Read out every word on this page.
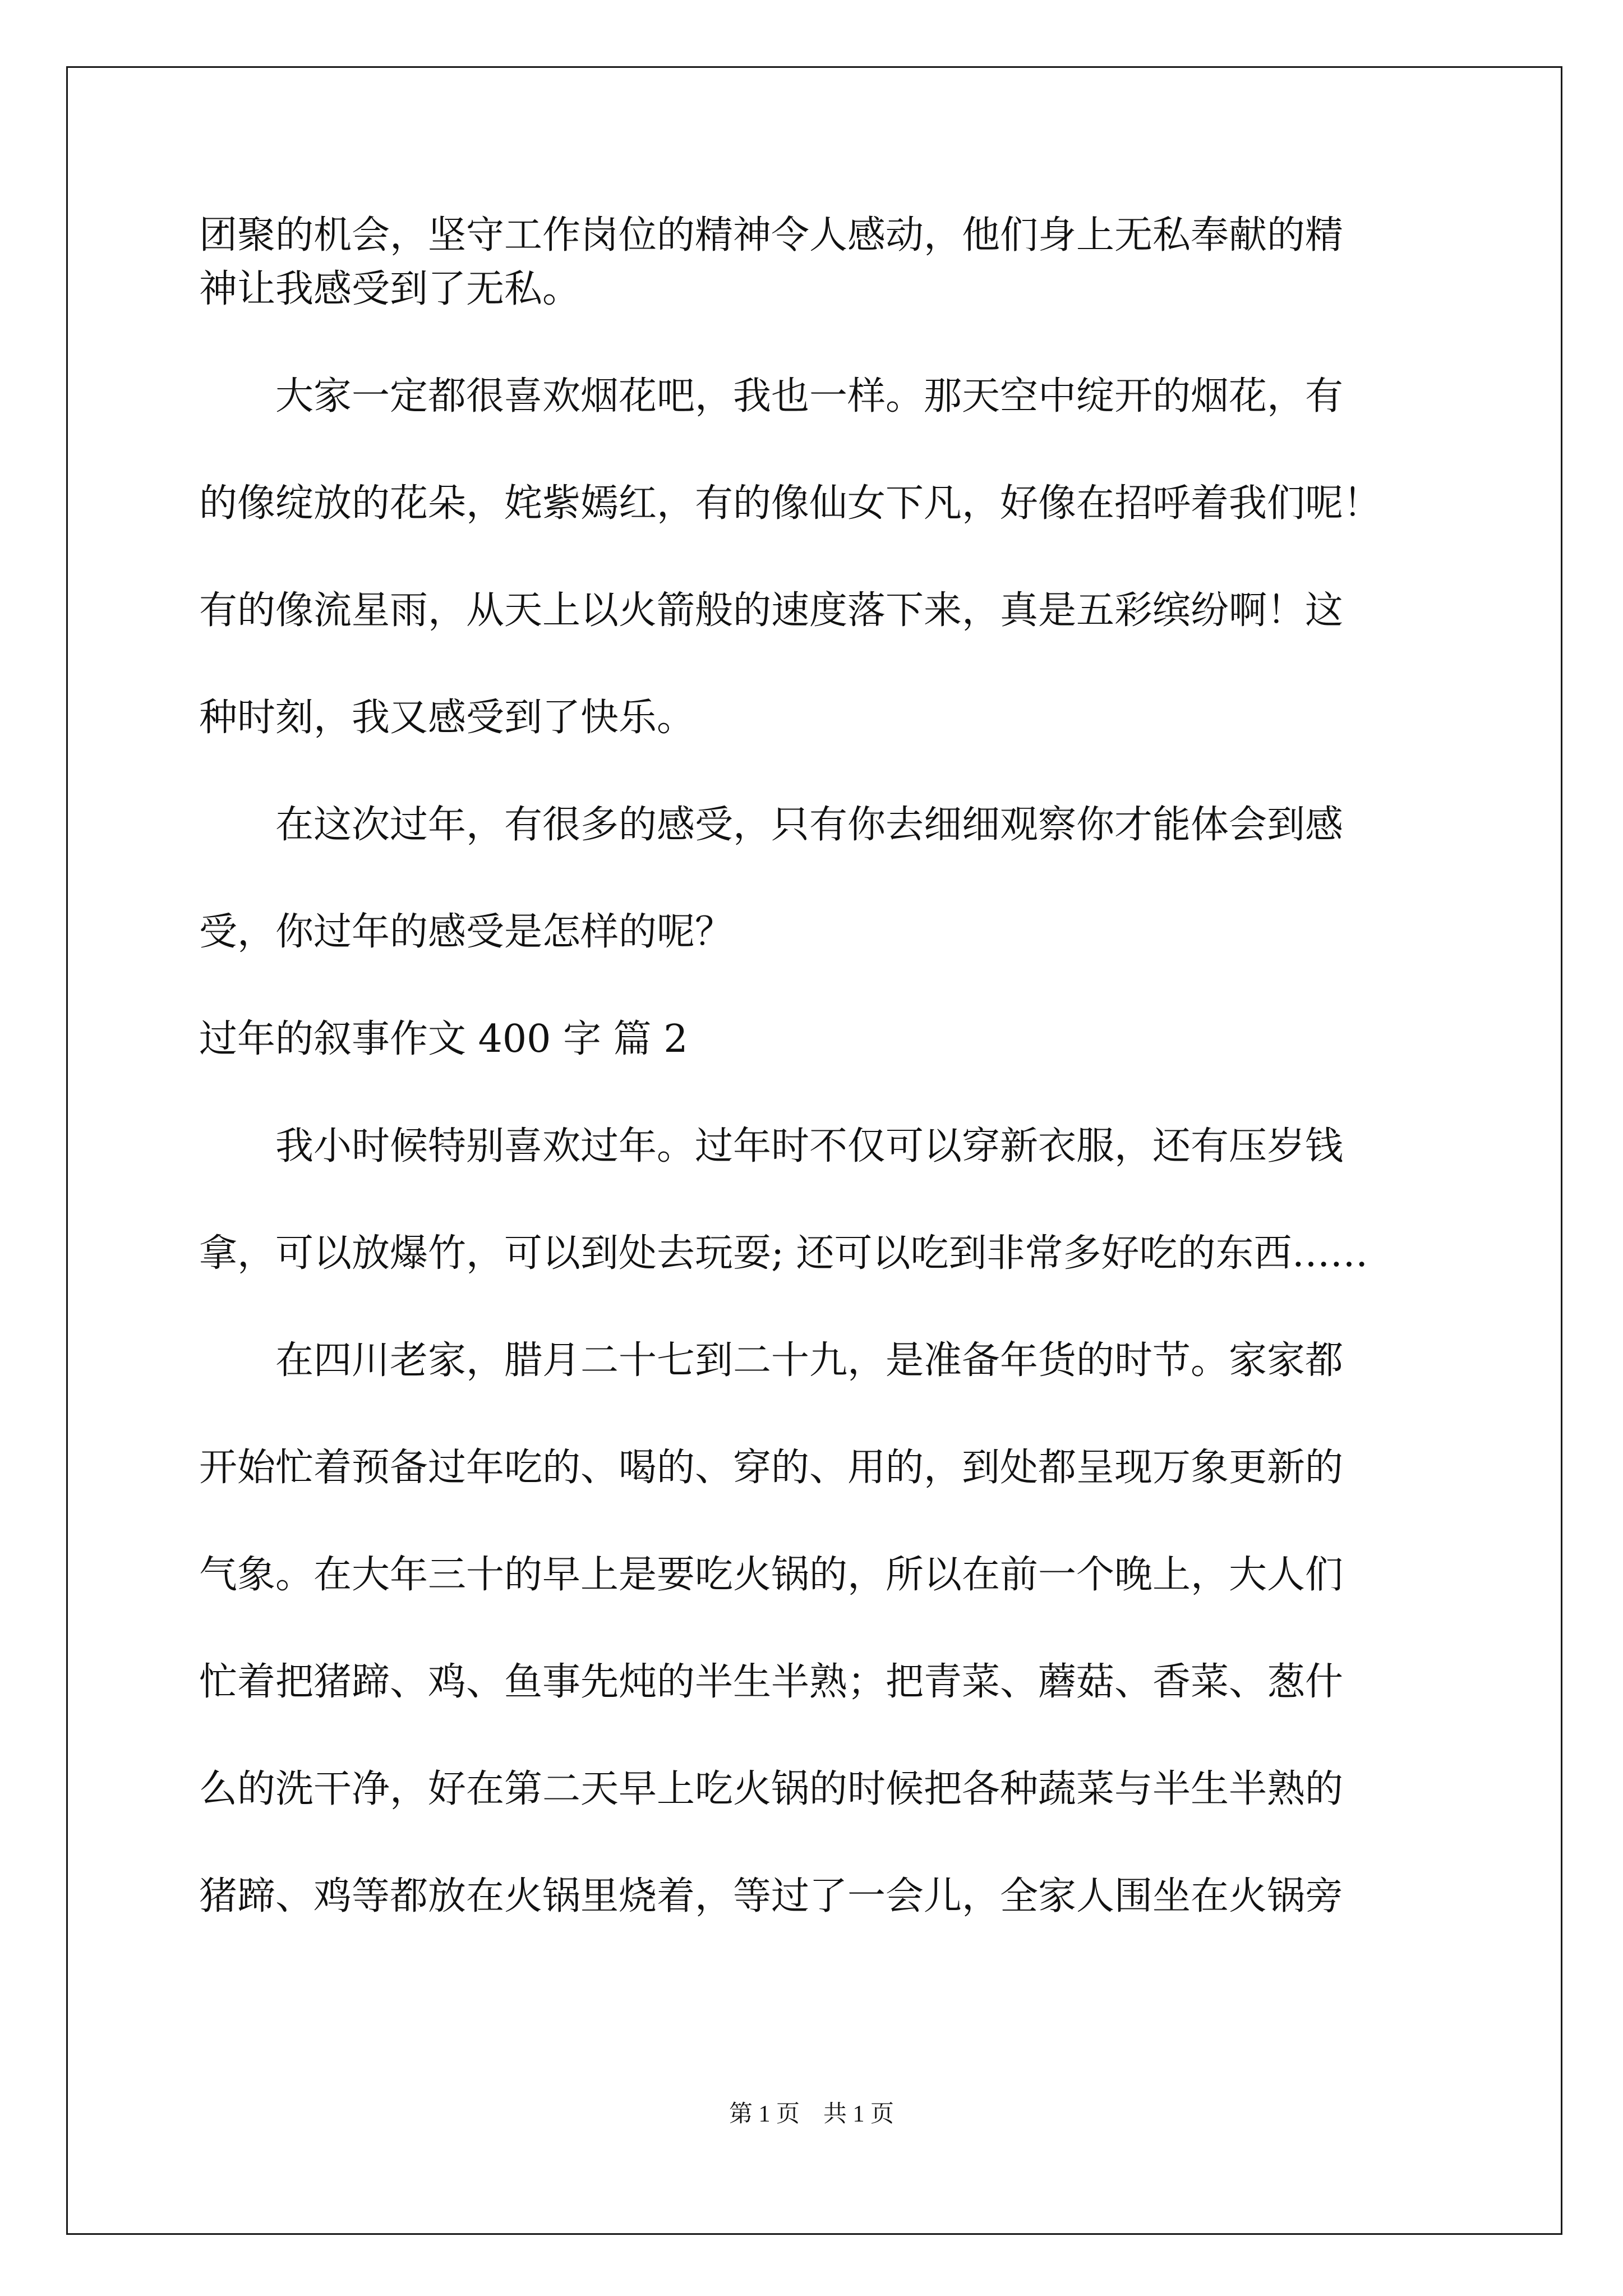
团聚的机会，坚守工作岗位的精神令人感动，他们身上无私奉献的精
神让我感受到了无私。
　　大家一定都很喜欢烟花吧，我也一样。那天空中绽开的烟花，有
的像绽放的花朵，姹紫嫣红，有的像仙女下凡，好像在招呼着我们呢！
有的像流星雨，从天上以火箭般的速度落下来，真是五彩缤纷啊！这
种时刻，我又感受到了快乐。
　　在这次过年，有很多的感受，只有你去细细观察你才能体会到感
受，你过年的感受是怎样的呢？
过年的叙事作文 400 字 篇 2
　　我小时候特别喜欢过年。过年时不仅可以穿新衣服，还有压岁钱
拿，可以放爆竹，可以到处去玩耍; 还可以吃到非常多好吃的东西……
　　在四川老家，腊月二十七到二十九，是准备年货的时节。家家都
开始忙着预备过年吃的、喝的、穿的、用的，到处都呈现万象更新的
气象。在大年三十的早上是要吃火锅的，所以在前一个晚上，大人们
忙着把猪蹄、鸡、鱼事先炖的半生半熟；把青菜、蘑菇、香菜、葱什
么的洗干净，好在第二天早上吃火锅的时候把各种蔬菜与半生半熟的
猪蹄、鸡等都放在火锅里烧着，等过了一会儿，全家人围坐在火锅旁
第 1 页　共 1 页
